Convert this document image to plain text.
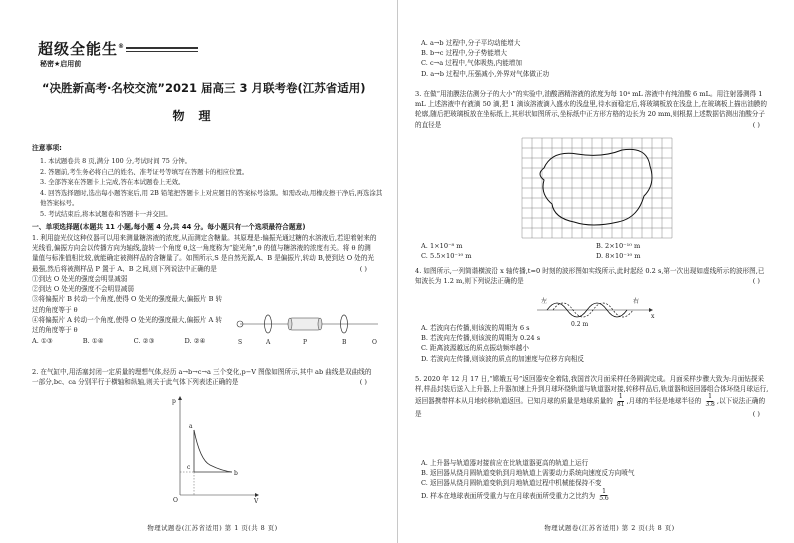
超级全能生®
秘密★启用前
“决胜新高考·名校交流”2021 届高三 3 月联考卷(江苏省适用)
物理
注意事项:

1. 本试题卷共 8 页,满分 100 分,考试时间 75 分钟。

2. 答题前,考生务必将自己的姓名、准考证号等填写在答题卡的相应位置。

3. 全部答案在答题卡上完成,答在本试题卷上无效。

4. 回答选择题时,选出每小题答案后,用 2B 铅笔把答题卡上对应题目的答案标号涂黑。如需改动,用橡皮擦干净后,再选涂其他答案标号。

5. 考试结束后,将本试题卷和答题卡一并交回。

一、单项选择题(本题共 11 小题,每小题 4 分,共 44 分。每小题只有一个选项最符合题意)
1. 利用旋光仪这种仪器可以用来测量糖溶液的浓度,从而测定含糖量。其原理是:偏振光通过糖的水溶液后,若迎着射来的光线看,偏振方向会以传播方向为轴线,旋转一个角度 θ,这一角度称为“旋光角”,θ 的值与糖溶液的浓度有关。将 θ 的测量值与标准值相比较,就能确定被测样品的含糖量了。如图所示,S 是自然光源,A、B 是偏振片,转动 B,使到达 O 处的光最强,然后将被测样品 P 置于 A、B 之间,则下列说法中正确的是	( )
①到达 O 处光的强度会明显减弱
②到达 O 处光的强度不会明显减弱
③将偏振片 B 转动一个角度,使得 O 处光的强度最大,偏振片 B 转过的角度等于 θ
④将偏振片 A 转动一个角度,使得 O 处光的强度最大,偏振片 A 转过的角度等于 θ
A. ①③	B. ①④	C. ②③	D. ②④	S	A	P	B	O
2. 在气缸中,用活塞封闭一定质量的理想气体,经历 a→b→c→a 三个变化,p−V 图像如图所示,其中 ab 曲线是双曲线的一部分,bc、ca 分别平行于横轴和纵轴,则关于此气体下列表述正确的是	( )
p
V
O
a
b
c
物理试题卷(江苏省适用) 第 1 页(共 8 页)
A. a→b 过程中,分子平均动能增大
B. b→c 过程中,分子势能增大
C. c→a 过程中,气体吸热,内能增加
D. a→b 过程中,压强减小,外界对气体做正功
3. 在做“用油膜法估测分子的大小”的实验中,油酸酒精溶液的浓度为每 10⁴ mL 溶液中有纯油酸 6 mL。用注射器测得 1 mL 上述溶液中有液滴 50 滴,把 1 滴该溶液滴入盛水的浅盘里,待水面稳定后,将玻璃板放在浅盘上,在玻璃板上描出油膜的轮廓,随后把玻璃板放在坐标纸上,其形状如图所示,坐标纸中正方形方格的边长为 20 mm,则根据上述数据估测出油酸分子的直径是	( )
A. 1×10⁻⁸ m	B. 2×10⁻¹⁰ m
C. 5.5×10⁻¹⁰ m	D. 8×10⁻¹⁰ m
4. 如图所示,一列简谐横波沿 x 轴传播,t=0 时刻的波形图如实线所示,此时起经 0.2 s,第一次出现如虚线所示的波形图,已知波长为 1.2 m,则下列说法正确的是	( )
左	右
x
0.2 m
A. 若波向右传播,则该波的周期为 6 s
B. 若波向左传播,则该波的周期为 0.24 s
C. 距离波源越远的质点振动频率越小
D. 若波向左传播,则该波的质点的加速度与位移方向相反
5. 2020 年 12 月 17 日,“嫦娥五号”返回器安全着陆,我国首次月面采样任务圆满完成。月面采样步骤大致为:月面钻探采样,样品封装后送入上升器,上升器加速上升到月球环绕轨道与轨道器对接,转移样品后,轨道器和返回器组合体环绕月球运行,返回器携带样本从月地转移轨道返回。已知月球的质量是地球质量的 $\frac{1}{81}$ ,月球的半径是地球半径的 $\frac{1}{3.8}$ ,以下说法正确的是	( )
A. 上升器与轨道器对接前应在比轨道器更高的轨道上运行
B. 返回器从绕月圆轨道变轨到月地轨道上需要动力系统向速度反方向喷气
C. 返回器从绕月圆轨道变轨到月地轨道过程中机械能保持不变
D. 样本在地球表面所受重力与在月球表面所受重力之比约为 $\frac{1}{5.6}$
物理试题卷(江苏省适用) 第 2 页(共 8 页)
